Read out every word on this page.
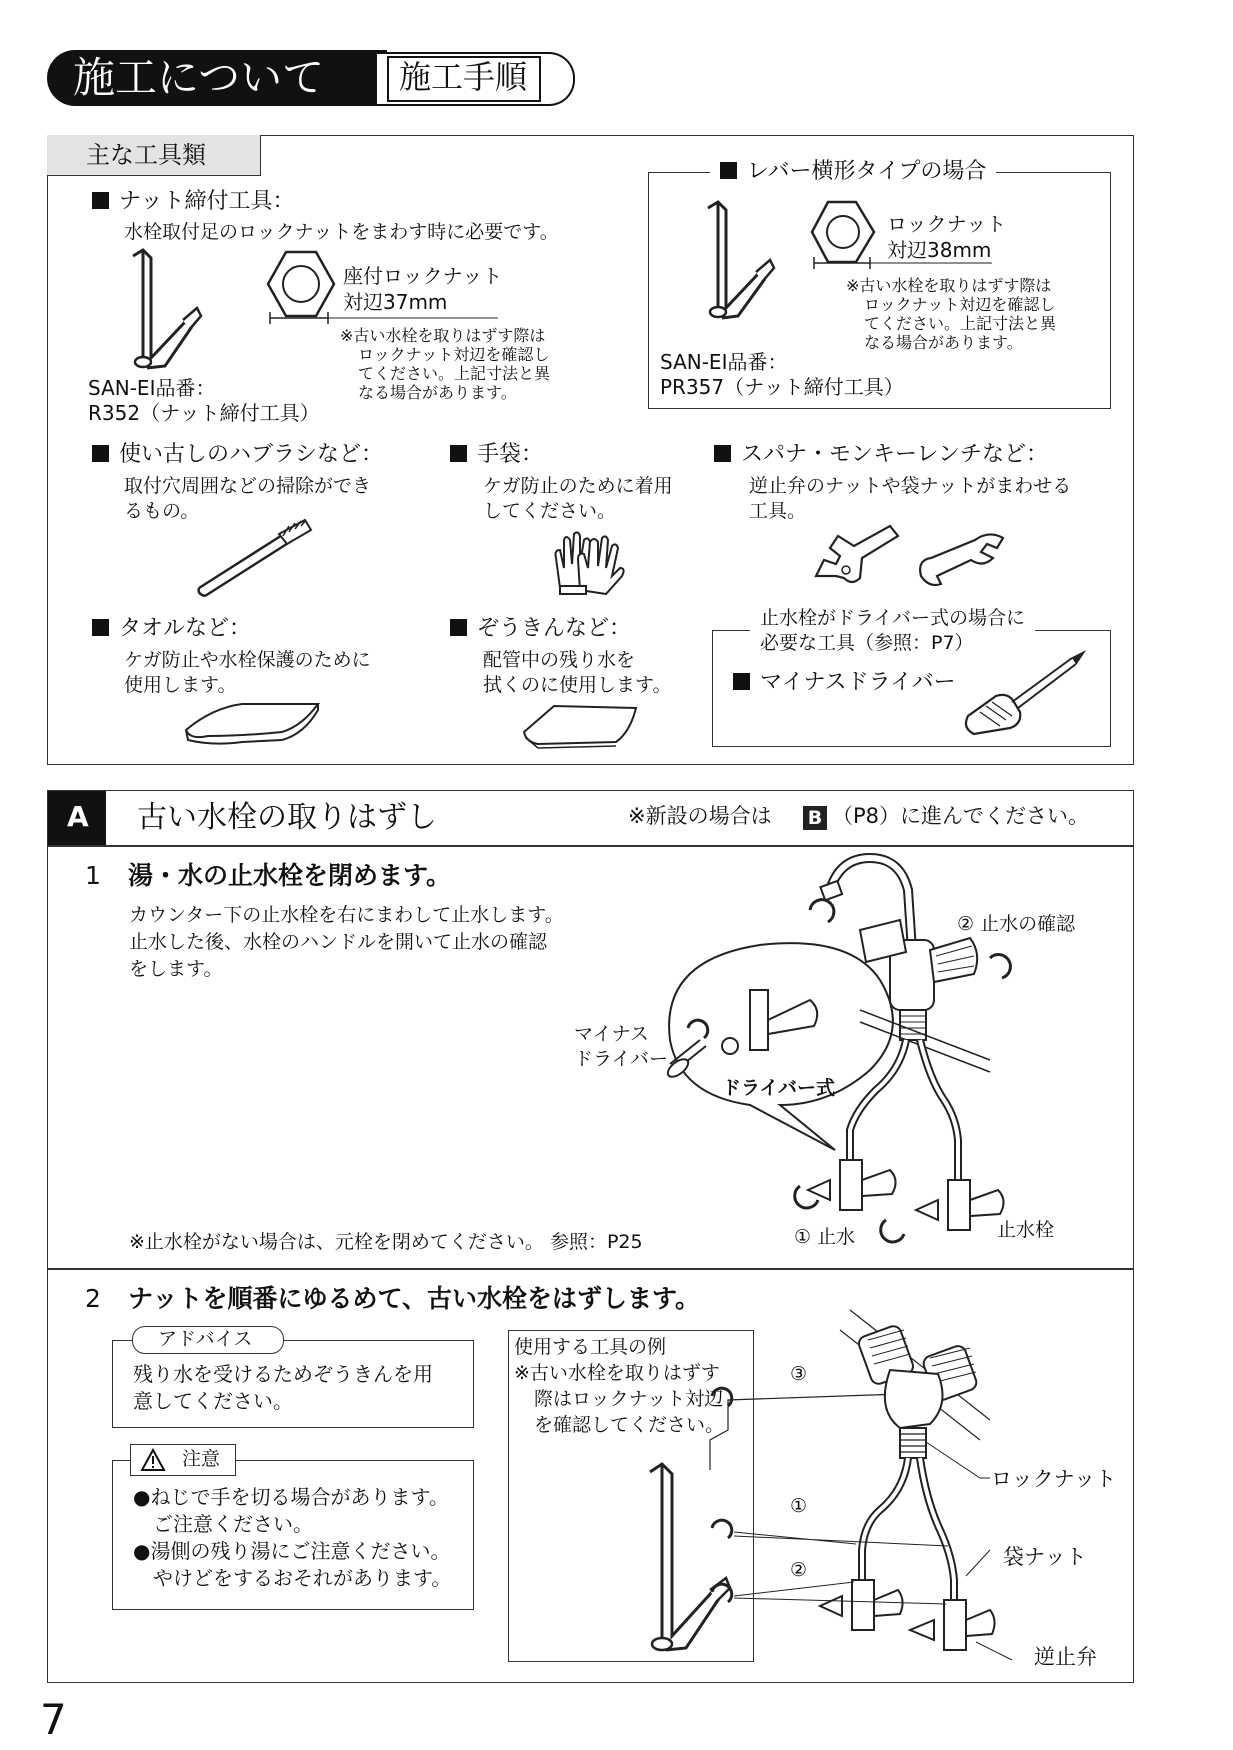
施工について 施工手順
主な工具類
ナット締付工具：
水栓取付足のロックナットをまわす時に必要です。
座付ロックナット
対辺37mm
※古い水栓を取りはずす際は
ロックナット対辺を確認し
てください。上記寸法と異
なる場合があります。
SAN-EI品番：
R352（ナット締付工具）
レバー横形タイプの場合
ロックナット
対辺38mm
※古い水栓を取りはずす際は
ロックナット対辺を確認し
てください。上記寸法と異
なる場合があります。
SAN-EI品番：
PR357（ナット締付工具）
使い古しのハブラシなど：
取付穴周囲などの掃除ができ
るもの。
手袋：
ケガ防止のために着用
してください。
スパナ・モンキーレンチなど：
逆止弁のナットや袋ナットがまわせる
工具。
タオルなど：
ケガ防止や水栓保護のために
使用します。
ぞうきんなど：
配管中の残り水を
拭くのに使用します。
止水栓がドライバー式の場合に
必要な工具（参照：P7）
マイナスドライバー
A 古い水栓の取りはずし	※新設の場合は B （P8）に進んでください。
1 湯・水の止水栓を閉めます。
カウンター下の止水栓を右にまわして止水します。
止水した後、水栓のハンドルを開いて止水の確認
をします。
② 止水の確認
マイナス
ドライバー
ドライバー式
① 止水	止水栓
※止水栓がない場合は、元栓を閉めてください。 参照：P25
2 ナットを順番にゆるめて、古い水栓をはずします。
アドバイス
残り水を受けるためぞうきんを用
意してください。
注意
●ねじで手を切る場合があります。
ご注意ください。
●湯側の残り湯にご注意ください。
やけどをするおそれがあります。
使用する工具の例
※古い水栓を取りはずす
際はロックナット対辺
を確認してください。
③
①
②
ロックナット
袋ナット
逆止弁
7
